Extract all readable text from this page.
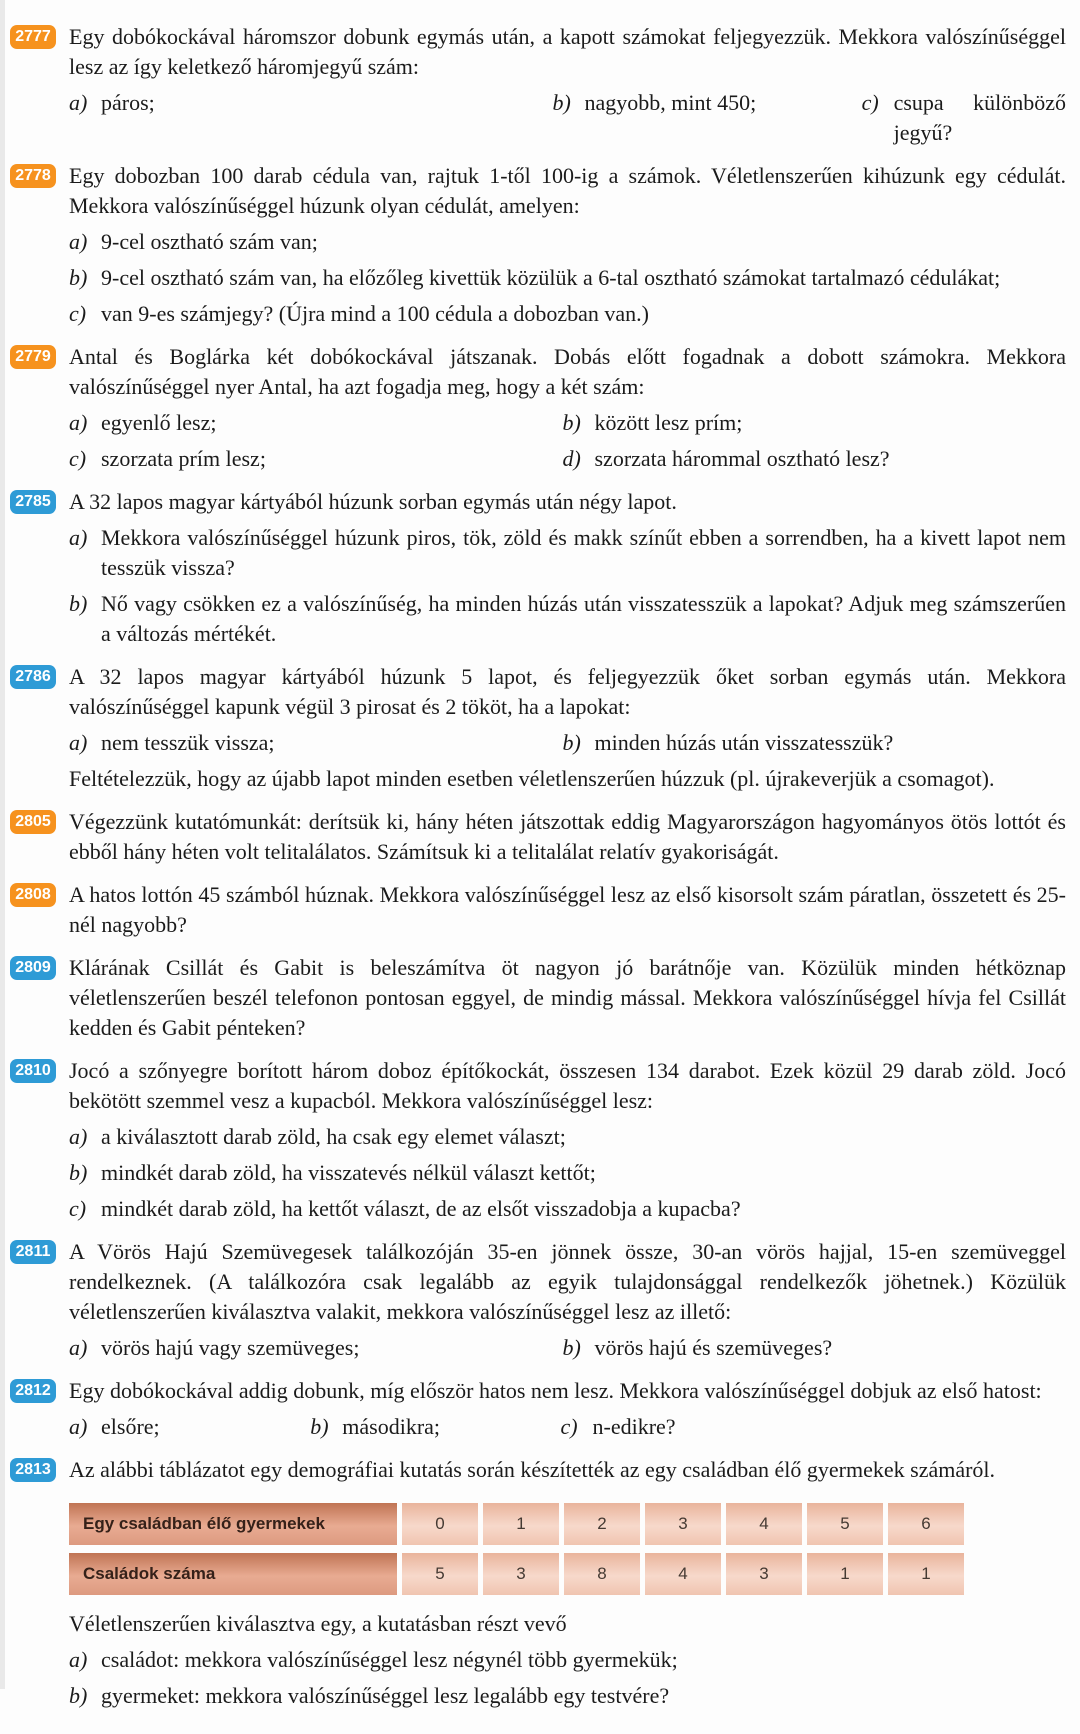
2777 Egy dobókockával háromszor dobunk egymás után, a kapott számokat feljegyezzük. Mekkora valószínűséggel lesz az így keletkező háromjegyű szám:

a) páros;	b) nagyobb, mint 450;	c) csupa különböző jegyű?
2778 Egy dobozban 100 darab cédula van, rajtuk 1-től 100-ig a számok. Véletlenszerűen kihúzunk egy cédulát. Mekkora valószínűséggel húzunk olyan cédulát, amelyen:

a) 9-cel osztható szám van;
b) 9-cel osztható szám van, ha előzőleg kivettük közülük a 6-tal osztható számokat tartalmazó cédulákat;
c) van 9-es számjegy? (Újra mind a 100 cédula a dobozban van.)
2779 Antal és Boglárka két dobókockával játszanak. Dobás előtt fogadnak a dobott számokra. Mekkora valószínűséggel nyer Antal, ha azt fogadja meg, hogy a két szám:

a) egyenlő lesz;	b) között lesz prím;
c) szorzata prím lesz;	d) szorzata hárommal osztható lesz?
2785 A 32 lapos magyar kártyából húzunk sorban egymás után négy lapot.

a) Mekkora valószínűséggel húzunk piros, tök, zöld és makk színűt ebben a sorrendben, ha a kivett lapot nem tesszük vissza?
b) Nő vagy csökken ez a valószínűség, ha minden húzás után visszatesszük a lapokat? Adjuk meg számszerűen a változás mértékét.
2786 A 32 lapos magyar kártyából húzunk 5 lapot, és feljegyezzük őket sorban egymás után. Mekkora valószínűséggel kapunk végül 3 pirosat és 2 tököt, ha a lapokat:

a) nem tesszük vissza;	b) minden húzás után visszatesszük?

Feltételezzük, hogy az újabb lapot minden esetben véletlenszerűen húzzuk (pl. újrakeverjük a csomagot).

2805 Végezzünk kutatómunkát: derítsük ki, hány héten játszottak eddig Magyarországon hagyományos ötös lottót és ebből hány héten volt telitalálatos. Számítsuk ki a telitalálat relatív gyakoriságát.

2808 A hatos lottón 45 számból húznak. Mekkora valószínűséggel lesz az első kisorsolt szám páratlan, összetett és 25-nél nagyobb?

2809 Klárának Csillát és Gabit is beleszámítva öt nagyon jó barátnője van. Közülük minden hétköznap véletlenszerűen beszél telefonon pontosan eggyel, de mindig mással. Mekkora valószínűséggel hívja fel Csillát kedden és Gabit pénteken?

2810 Jocó a szőnyegre borított három doboz építőkockát, összesen 134 darabot. Ezek közül 29 darab zöld. Jocó bekötött szemmel vesz a kupacból. Mekkora valószínűséggel lesz:

a) a kiválasztott darab zöld, ha csak egy elemet választ;
b) mindkét darab zöld, ha visszatevés nélkül választ kettőt;
c) mindkét darab zöld, ha kettőt választ, de az elsőt visszadobja a kupacba?
2811 A Vörös Hajú Szemüvegesek találkozóján 35-en jönnek össze, 30-an vörös hajjal, 15-en szemüveggel rendelkeznek. (A találkozóra csak legalább az egyik tulajdonsággal rendelkezők jöhetnek.) Közülük véletlenszerűen kiválasztva valakit, mekkora valószínűséggel lesz az illető:

a) vörös hajú vagy szemüveges;	b) vörös hajú és szemüveges?
2812 Egy dobókockával addig dobunk, míg először hatos nem lesz. Mekkora valószínűséggel dobjuk az első hatost:

a) elsőre;	b) másodikra;	c) n-edikre?
2813 Az alábbi táblázatot egy demográfiai kutatás során készítették az egy családban élő gyermekek számáról.

Egy családban élő gyermekek	0	1	2	3	4	5	6
Családok száma	5	3	8	4	3	1	1

Véletlenszerűen kiválasztva egy, a kutatásban részt vevő

a) családot: mekkora valószínűséggel lesz négynél több gyermekük;
b) gyermeket: mekkora valószínűséggel lesz legalább egy testvére?
